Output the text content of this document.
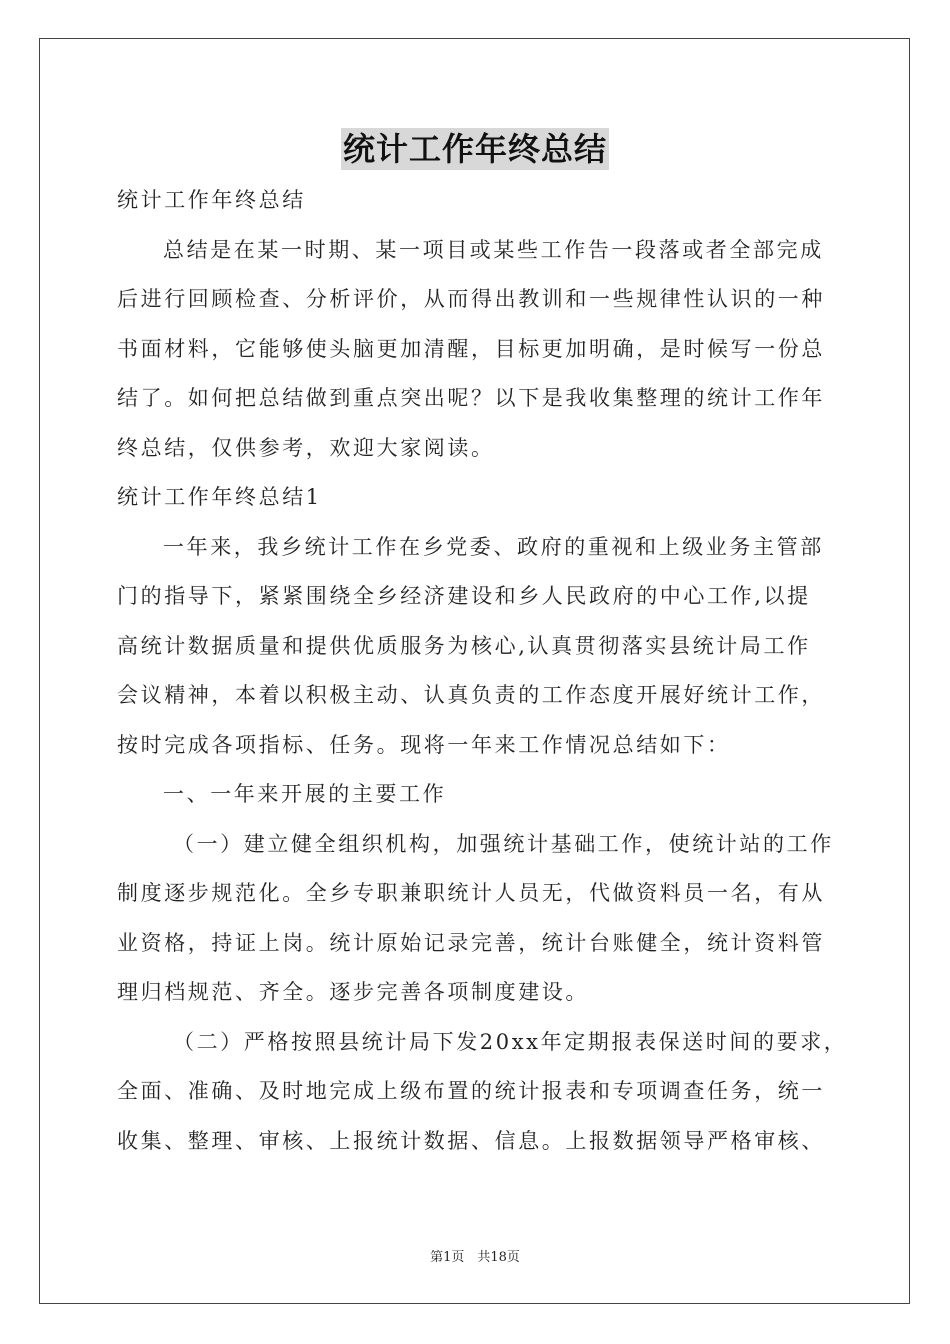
统计工作年终总结

统计工作年终总结

总结是在某一时期、某一项目或某些工作告一段落或者全部完成

后进行回顾检查、分析评价，从而得出教训和一些规律性认识的一种

书面材料，它能够使头脑更加清醒，目标更加明确，是时候写一份总

结了。如何把总结做到重点突出呢？以下是我收集整理的统计工作年

终总结，仅供参考，欢迎大家阅读。

统计工作年终总结1

一年来，我乡统计工作在乡党委、政府的重视和上级业务主管部

门的指导下，紧紧围绕全乡经济建设和乡人民政府的中心工作,以提

高统计数据质量和提供优质服务为核心,认真贯彻落实县统计局工作

会议精神，本着以积极主动、认真负责的工作态度开展好统计工作，

按时完成各项指标、任务。现将一年来工作情况总结如下：

一、一年来开展的主要工作

（一）建立健全组织机构，加强统计基础工作，使统计站的工作

制度逐步规范化。全乡专职兼职统计人员无，代做资料员一名，有从

业资格，持证上岗。统计原始记录完善，统计台账健全，统计资料管

理归档规范、齐全。逐步完善各项制度建设。

（二）严格按照县统计局下发20xx年定期报表保送时间的要求，

全面、准确、及时地完成上级布置的统计报表和专项调查任务，统一

收集、整理、审核、上报统计数据、信息。上报数据领导严格审核、

第1页　共18页
